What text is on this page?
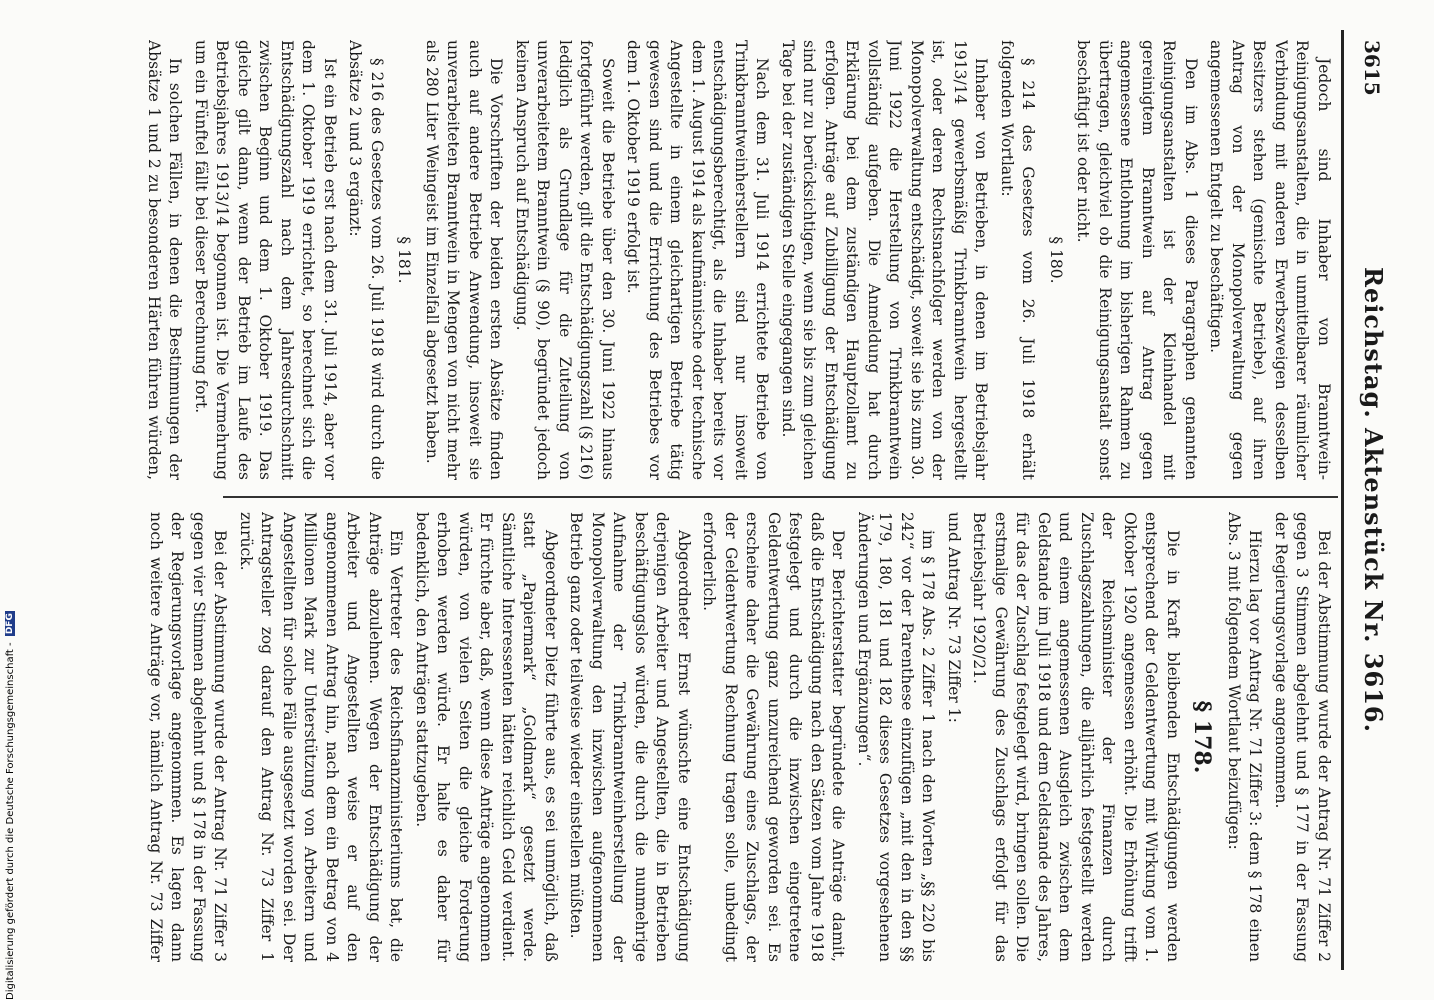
3615
Reichstag. Aktenstück Nr. 3616.

Jedoch sind Inhaber von Branntwein-Reinigungsanstalten, die in unmittelbarer räumlicher Verbindung mit anderen Erwerbszweigen desselben Besitzers stehen (gemischte Betriebe), auf ihren Antrag von der Monopolverwaltung gegen angemessenen Entgelt zu beschäftigen.

Den im Abs. 1 dieses Paragraphen genannten Reinigungsanstalten ist der Kleinhandel mit gereinigtem Branntwein auf Antrag gegen angemessene Entlohnung im bisherigen Rahmen zu übertragen, gleichviel ob die Reinigungsanstalt sonst beschäftigt ist oder nicht.

§ 180.

§ 214 des Gesetzes vom 26. Juli 1918 erhält folgenden Wortlaut:

Inhaber von Betrieben, in denen im Betriebsjahr 1913/14 gewerbsmäßig Trinkbranntwein hergestellt ist, oder deren Rechtsnachfolger werden von der Monopolverwaltung entschädigt, soweit sie bis zum 30. Juni 1922 die Herstellung von Trinkbranntwein vollständig aufgeben. Die Anmeldung hat durch Erklärung bei dem zuständigen Hauptzollamt zu erfolgen. Anträge auf Zubilligung der Entschädigung sind nur zu berücksichtigen, wenn sie bis zum gleichen Tage bei der zuständigen Stelle eingegangen sind.

Nach dem 31. Juli 1914 errichtete Betriebe von Trinkbranntweinherstellern sind nur insoweit entschädigungsberechtigt, als die Inhaber bereits vor dem 1. August 1914 als kaufmännische oder technische Angestellte in einem gleichartigen Betriebe tätig gewesen sind und die Errichtung des Betriebes vor dem 1. Oktober 1919 erfolgt ist.

Soweit die Betriebe über den 30. Juni 1922 hinaus fortgeführt werden, gilt die Entschädigungszahl (§ 216) lediglich als Grundlage für die Zuteilung von unverarbeitetem Branntwein (§ 90), begründet jedoch keinen Anspruch auf Entschädigung.

Die Vorschriften der beiden ersten Absätze finden auch auf andere Betriebe Anwendung, insoweit sie unverarbeiteten Branntwein in Mengen von nicht mehr als 280 Liter Weingeist im Einzelfall abgesetzt haben.

§ 181.

§ 216 des Gesetzes vom 26. Juli 1918 wird durch die Absätze 2 und 3 ergänzt:

Ist ein Betrieb erst nach dem 31. Juli 1914, aber vor dem 1. Oktober 1919 errichtet, so berechnet sich die Entschädigungszahl nach dem Jahresdurchschnitt zwischen Beginn und dem 1. Oktober 1919. Das gleiche gilt dann, wenn der Betrieb im Laufe des Betriebsjahres 1913/14 begonnen ist. Die Vermehrung um ein Fünftel fällt bei dieser Berechnung fort.

In solchen Fällen, in denen die Bestimmungen der Absätze 1 und 2 zu besonderen Härten führen würden,

Bei der Abstimmung wurde der Antrag Nr. 71 Ziffer 2 gegen 3 Stimmen abgelehnt und § 177 in der Fassung der Regierungsvorlage angenommen.

Hierzu lag vor Antrag Nr. 71 Ziffer 3: dem § 178 einen Abs. 3 mit folgendem Wortlaut beizufügen:

§ 178.

Die in Kraft bleibenden Entschädigungen werden entsprechend der Geldentwertung mit Wirkung vom 1. Oktober 1920 angemessen erhöht. Die Erhöhung trifft der Reichsminister der Finanzen durch Zuschlagszahlungen, die alljährlich festgestellt werden und einem angemessenen Ausgleich zwischen dem Geldstande im Juli 1918 und dem Geldstande des Jahres, für das der Zuschlag festgelegt wird, bringen sollen. Die erstmalige Gewährung des Zuschlags erfolgt für das Betriebsjahr 1920/21.

und Antrag Nr. 73 Ziffer 1:

im § 178 Abs. 2 Ziffer 1 nach den Worten „§§ 220 bis 242“ vor der Parenthese einzufügen „mit den in den §§ 179, 180, 181 und 182 dieses Gesetzes vorgesehenen Änderungen und Ergänzungen“.

Der Berichterstatter begründete die Anträge damit, daß die Entschädigung nach den Sätzen vom Jahre 1918 festgelegt und durch die inzwischen eingetretene Geldentwertung ganz unzureichend geworden sei. Es erscheine daher die Gewährung eines Zuschlags, der der Geldentwertung Rechnung tragen solle, unbedingt erforderlich.

Abgeordneter Ernst wünschte eine Entschädigung derjenigen Arbeiter und Angestellten, die in Betrieben beschäftigungslos würden, die durch die nunmehrige Aufnahme der Trinkbranntweinherstellung der Monopolverwaltung den inzwischen aufgenommenen Betrieb ganz oder teilweise wieder einstellen müßten.

Abgeordneter Dietz führte aus, es sei unmöglich, daß statt „Papiermark“ „Goldmark“ gesetzt werde. Sämtliche Interessenten hätten reichlich Geld verdient. Er fürchte aber, daß, wenn diese Anträge angenommen würden, von vielen Seiten die gleiche Forderung erhoben werden würde. Er halte es daher für bedenklich, den Anträgen stattzugeben.

Ein Vertreter des Reichsfinanzministeriums bat, die Anträge abzulehnen. Wegen der Entschädigung der Arbeiter und Angestellten weise er auf den angenommenen Antrag hin, nach dem ein Betrag von 4 Millionen Mark zur Unterstützung von Arbeitern und Angestellten für solche Fälle ausgesetzt worden sei. Der Antragsteller zog darauf den Antrag Nr. 73 Ziffer 1 zurück.

Bei der Abstimmung wurde der Antrag Nr. 71 Ziffer 3 gegen vier Stimmen abgelehnt und § 178 in der Fassung der Regierungsvorlage angenommen. Es lagen dann noch weitere Anträge vor, nämlich Antrag Nr. 73 Ziffer

Digitalisierung gefördert durch die Deutsche Forschungsgemeinschaft - DFG
